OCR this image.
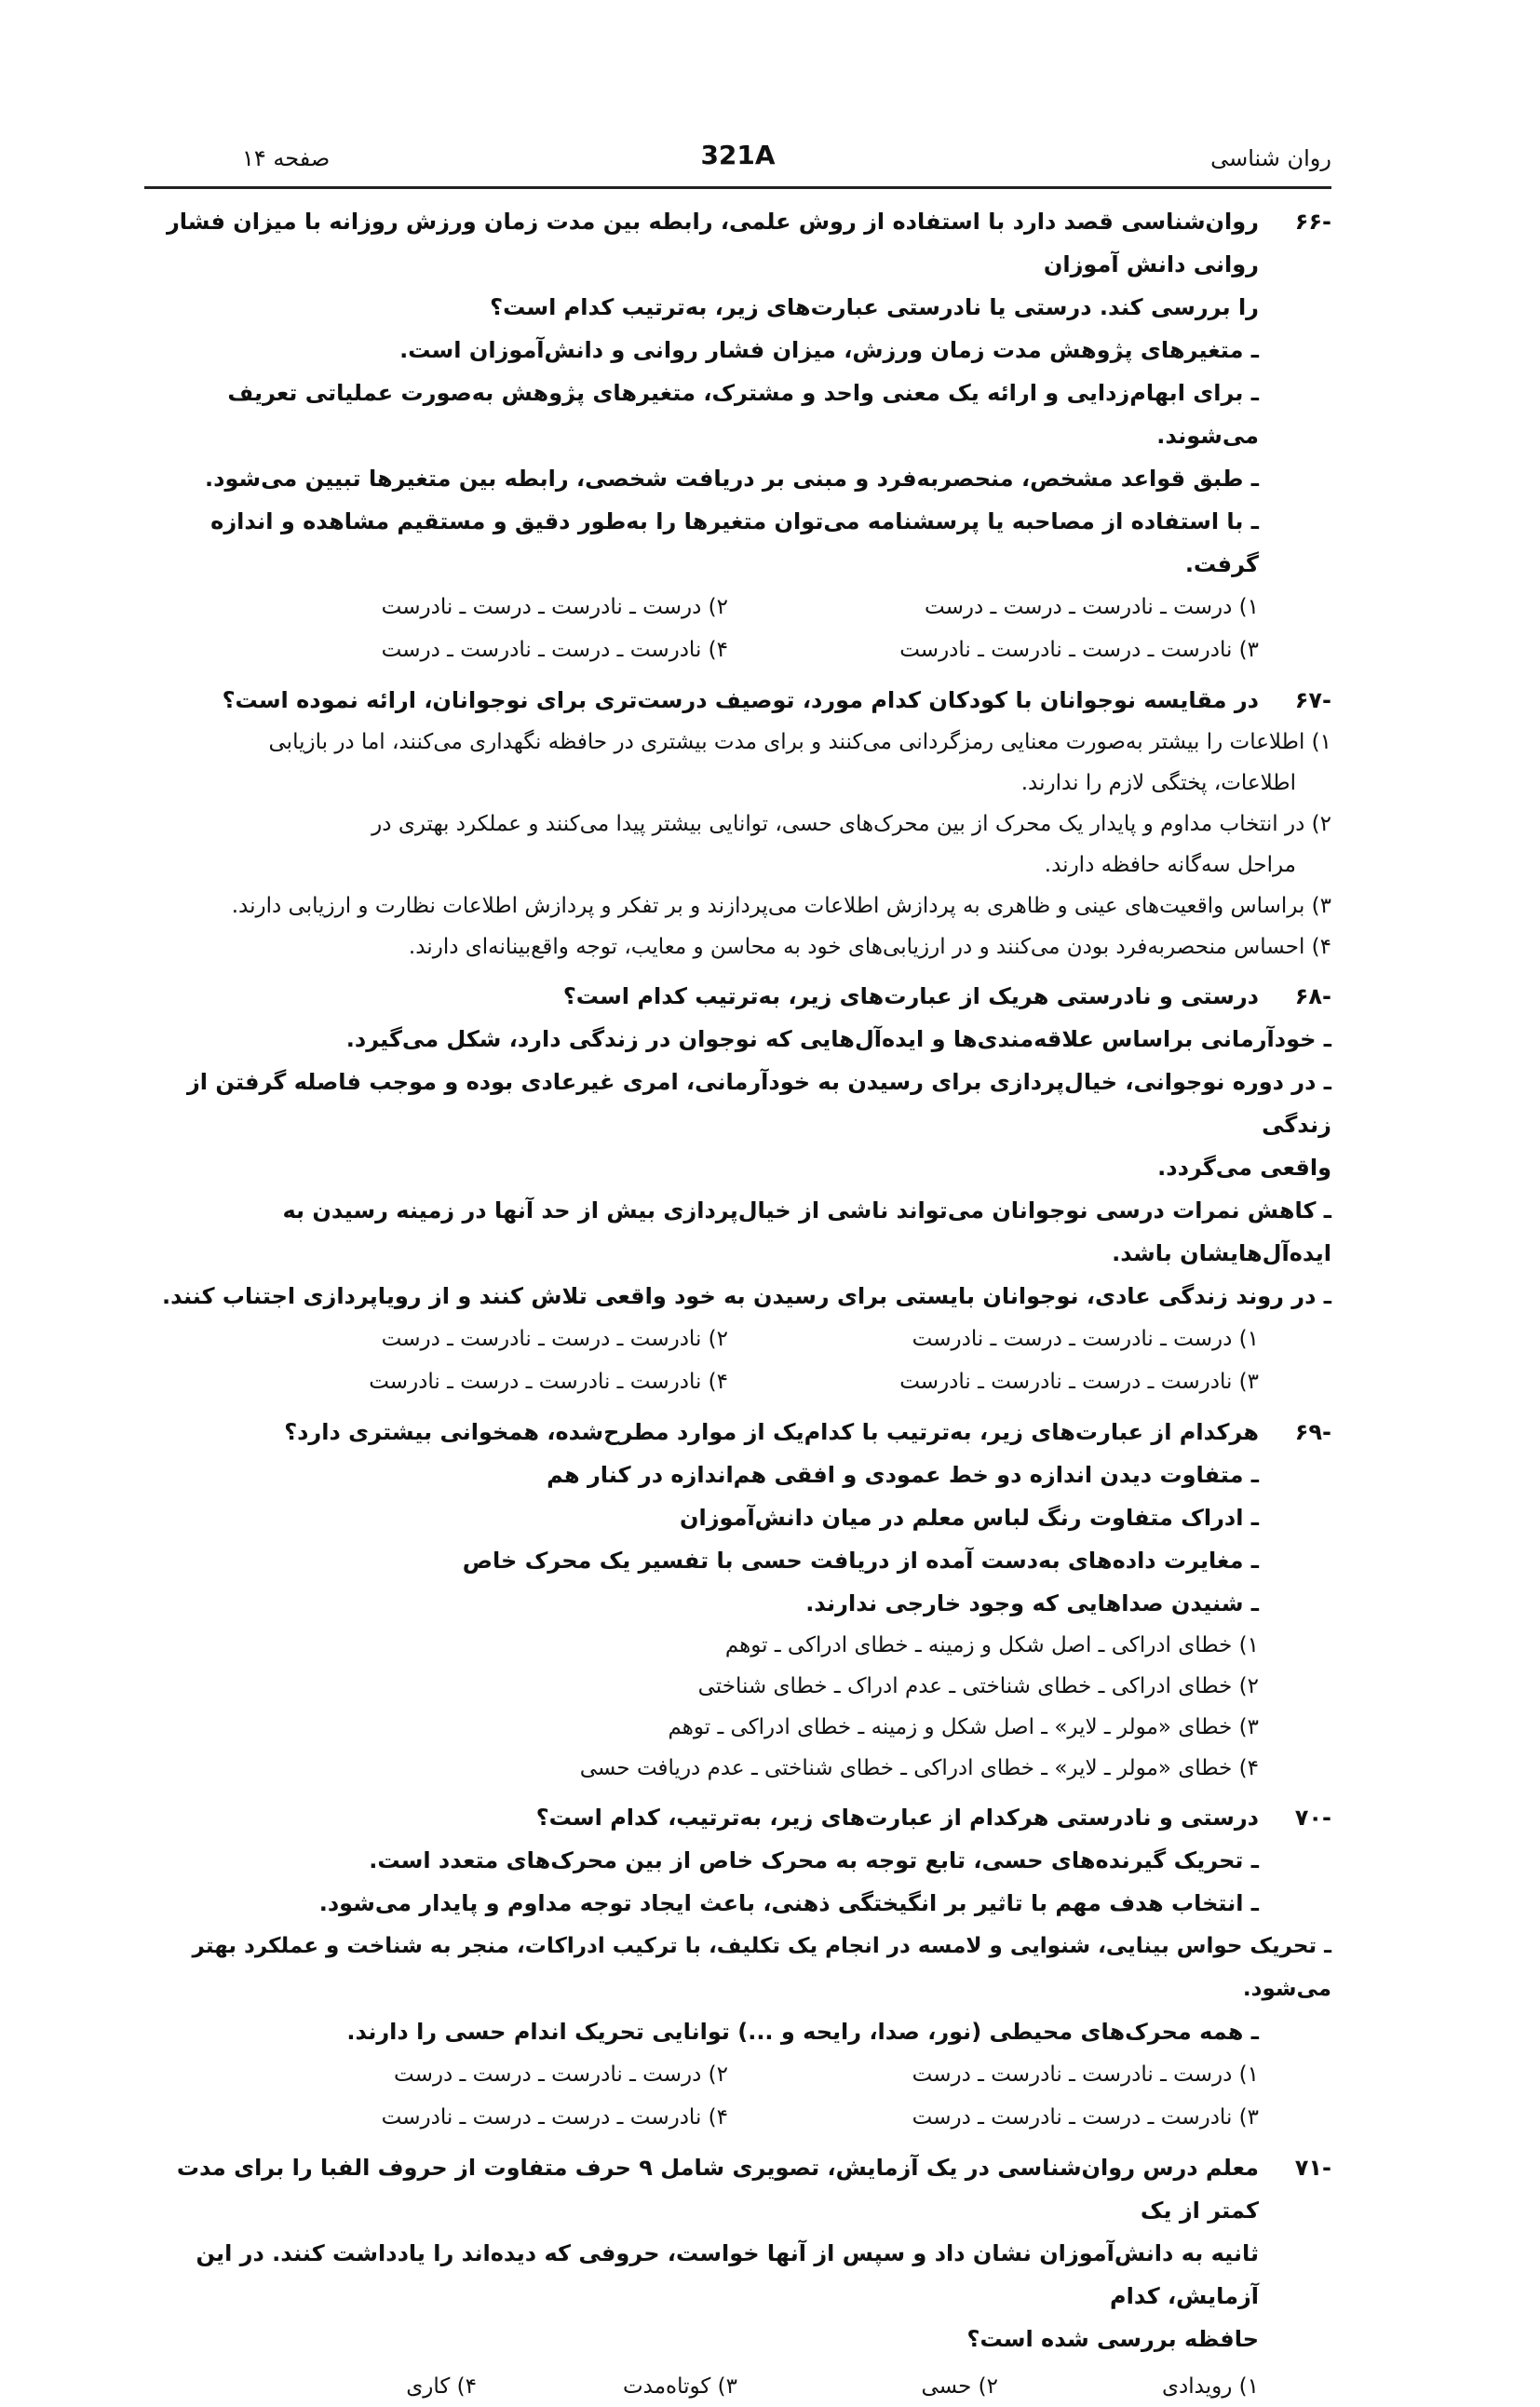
روان شناسی
321A
صفحه ۱۴
-۶۶

روان‌شناسی قصد دارد با استفاده از روش علمی، رابطه بین مدت زمان ورزش روزانه با میزان فشار روانی دانش آموزان

را بررسی کند. درستی یا نادرستی عبارت‌های زیر، به‌ترتیب کدام است؟

ـ متغیرهای پژوهش مدت زمان ورزش، میزان فشار روانی و دانش‌آموزان است.

ـ برای ابهام‌زدایی و ارائه یک معنی واحد و مشترک، متغیرهای پژوهش به‌صورت عملیاتی تعریف می‌شوند.

ـ طبق قواعد مشخص، منحصربه‌فرد و مبنی بر دریافت شخصی، رابطه بین متغیرها تبیین می‌شود.

ـ با استفاده از مصاحبه یا پرسشنامه می‌توان متغیرها را به‌طور دقیق و مستقیم مشاهده و اندازه گرفت.

۱) درست ـ نادرست ـ درست ـ درست
۲) درست ـ نادرست ـ درست ـ نادرست
۳) نادرست ـ درست ـ نادرست ـ نادرست
۴) نادرست ـ درست ـ نادرست ـ درست
-۶۷

در مقایسه نوجوانان با کودکان کدام مورد، توصیف درست‌تری برای نوجوانان، ارائه نموده است؟

۱) اطلاعات را بیشتر به‌صورت معنایی رمزگردانی می‌کنند و برای مدت بیشتری در حافظه نگهداری می‌کنند، اما در بازیابی
اطلاعات، پختگی لازم را ندارند.

۲) در انتخاب مداوم و پایدار یک محرک از بین محرک‌های حسی، توانایی بیشتر پیدا می‌کنند و عملکرد بهتری در
مراحل سه‌گانه حافظه دارند.

۳) براساس واقعیت‌های عینی و ظاهری به پردازش اطلاعات می‌پردازند و بر تفکر و پردازش اطلاعات نظارت و ارزیابی دارند.

۴) احساس منحصربه‌فرد بودن می‌کنند و در ارزیابی‌های خود به محاسن و معایب، توجه واقع‌بینانه‌ای دارند.

-۶۸

درستی و نادرستی هریک از عبارت‌های زیر، به‌ترتیب کدام است؟

ـ خودآرمانی براساس علاقه‌مندی‌ها و ایده‌آل‌هایی که نوجوان در زندگی دارد، شکل می‌گیرد.

ـ در دوره نوجوانی، خیال‌پردازی برای رسیدن به خودآرمانی، امری غیرعادی بوده و موجب فاصله گرفتن از زندگی

واقعی می‌گردد.

ـ کاهش نمرات درسی نوجوانان می‌تواند ناشی از خیال‌پردازی بیش از حد آنها در زمینه رسیدن به ایده‌آل‌هایشان باشد.

ـ در روند زندگی عادی، نوجوانان بایستی برای رسیدن به خود واقعی تلاش کنند و از رویاپردازی اجتناب کنند.

۱) درست ـ نادرست ـ درست ـ نادرست
۲) نادرست ـ درست ـ نادرست ـ درست
۳) نادرست ـ درست ـ نادرست ـ نادرست
۴) نادرست ـ نادرست ـ درست ـ نادرست
-۶۹

هرکدام از عبارت‌های زیر، به‌ترتیب با کدام‌یک از موارد مطرح‌شده، همخوانی بیشتری دارد؟

ـ متفاوت دیدن اندازه دو خط عمودی و افقی هم‌اندازه در کنار هم

ـ ادراک متفاوت رنگ لباس معلم در میان دانش‌آموزان

ـ مغایرت داده‌های به‌دست آمده از دریافت حسی با تفسیر یک محرک خاص

ـ شنیدن صداهایی که وجود خارجی ندارند.

۱) خطای ادراکی ـ اصل شکل و زمینه ـ خطای ادراکی ـ توهم

۲) خطای ادراکی ـ خطای شناختی ـ عدم ادراک ـ خطای شناختی

۳) خطای «مولر ـ لایر» ـ اصل شکل و زمینه ـ خطای ادراکی ـ توهم

۴) خطای «مولر ـ لایر» ـ خطای ادراکی ـ خطای شناختی ـ عدم دریافت حسی

-۷۰

درستی و نادرستی هرکدام از عبارت‌های زیر، به‌ترتیب، کدام است؟

ـ تحریک گیرنده‌های حسی، تابع توجه به محرک خاص از بین محرک‌های متعدد است.

ـ انتخاب هدف مهم با تاثیر بر انگیختگی ذهنی، باعث ایجاد توجه مداوم و پایدار می‌شود.

ـ تحریک حواس بینایی، شنوایی و لامسه در انجام یک تکلیف، با ترکیب ادراکات، منجر به شناخت و عملکرد بهتر می‌شود.

ـ همه محرک‌های محیطی (نور، صدا، رایحه و ...) توانایی تحریک اندام حسی را دارند.

۱) درست ـ نادرست ـ نادرست ـ درست
۲) درست ـ نادرست ـ درست ـ درست
۳) نادرست ـ درست ـ نادرست ـ درست
۴) نادرست ـ درست ـ درست ـ نادرست
-۷۱

معلم درس روان‌شناسی در یک آزمایش، تصویری شامل ۹ حرف متفاوت از حروف الفبا را برای مدت کمتر از یک

ثانیه به دانش‌آموزان نشان داد و سپس از آنها خواست، حروفی که دیده‌اند را یادداشت کنند. در این آزمایش، کدام

حافظه بررسی شده است؟

۱) رویدادی
۲) حسی
۳) کوتاه‌مدت
۴) کاری
